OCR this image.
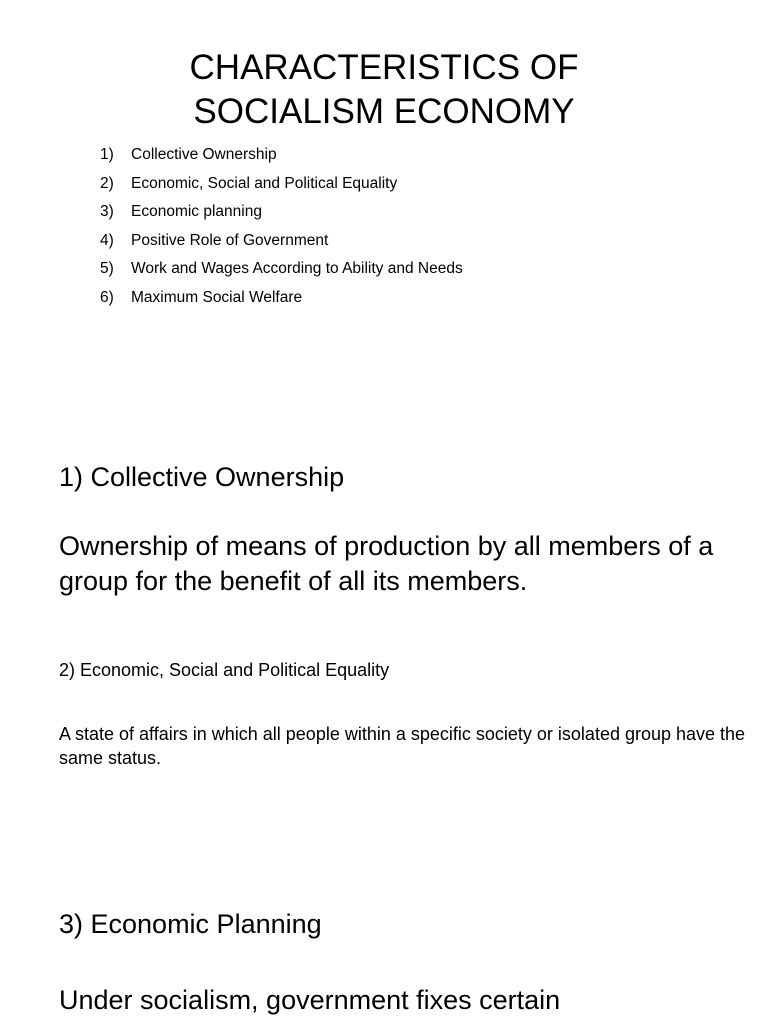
CHARACTERISTICS OF
SOCIALISM ECONOMY
1) Collective Ownership
2) Economic, Social and Political Equality
3) Economic planning
4) Positive Role of Government
5) Work and Wages According to Ability and Needs
6) Maximum Social Welfare
1) Collective Ownership

Ownership of means of production by all members of a group for the benefit of all its members.

2) Economic, Social and Political Equality

A state of affairs in which all people within a specific society or isolated group have the same status.

3) Economic Planning

Under socialism, government fixes certain
